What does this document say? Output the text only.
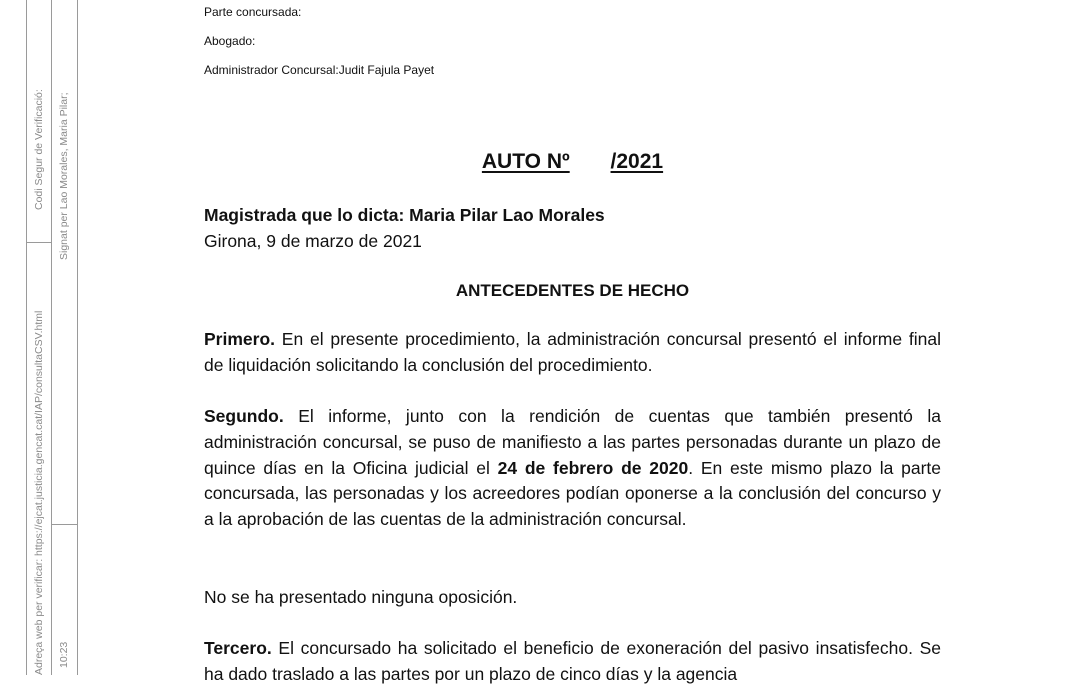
Codi Segur de Verificació:
Adreça web per verificar: https://ejcat.justicia.gencat.cat/IAP/consultaCSV.html
Signat per Lao Morales, Maria Pilar;
10:23
Parte concursada:
Abogado:
Administrador Concursal:Judit Fajula Payet
AUTO Nº /2021
Magistrada que lo dicta: Maria Pilar Lao Morales
Girona, 9 de marzo de 2021
ANTECEDENTES DE HECHO
Primero. En el presente procedimiento, la administración concursal presentó el informe final de liquidación solicitando la conclusión del procedimiento.
Segundo. El informe, junto con la rendición de cuentas que también presentó la administración concursal, se puso de manifiesto a las partes personadas durante un plazo de quince días en la Oficina judicial el 24 de febrero de 2020. En este mismo plazo la parte concursada, las personadas y los acreedores podían oponerse a la conclusión del concurso y a la aprobación de las cuentas de la administración concursal.
No se ha presentado ninguna oposición.
Tercero. El concursado ha solicitado el beneficio de exoneración del pasivo insatisfecho. Se ha dado traslado a las partes por un plazo de cinco días y la agencia
